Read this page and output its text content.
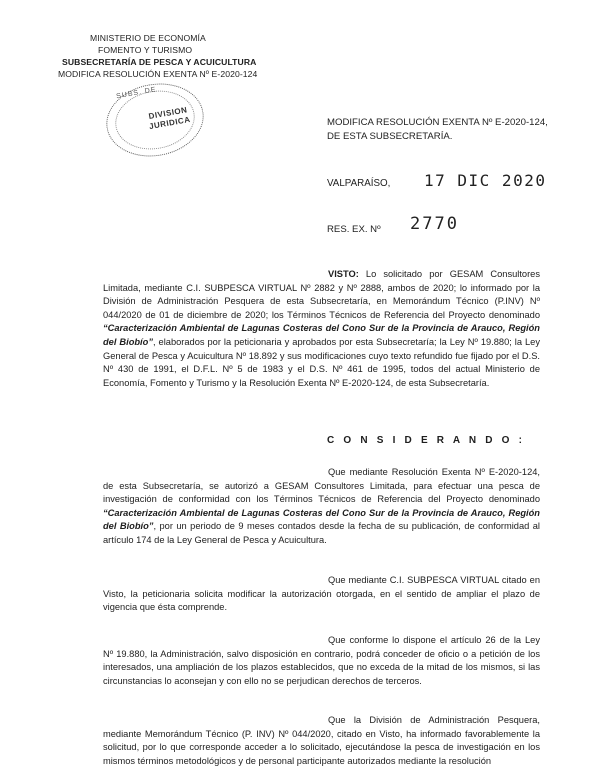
MINISTERIO DE ECONOMÍA
FOMENTO Y TURISMO
SUBSECRETARÍA DE PESCA Y ACUICULTURA
MODIFICA RESOLUCIÓN EXENTA Nº E-2020-124
SUBS. DE
DIVISION JURIDICA	MODIFICA RESOLUCIÓN EXENTA Nº E-2020-124,
DE ESTA SUBSECRETARÍA.
VALPARAÍSO, 17 DIC 2020
RES. EX. Nº 2770
VISTO: Lo solicitado por GESAM Consultores Limitada, mediante C.I. SUBPESCA VIRTUAL Nº 2882 y Nº 2888, ambos de 2020; lo informado por la División de Administración Pesquera de esta Subsecretaría, en Memorándum Técnico (P.INV) Nº 044/2020 de 01 de diciembre de 2020; los Términos Técnicos de Referencia del Proyecto denominado “Caracterización Ambiental de Lagunas Costeras del Cono Sur de la Provincia de Arauco, Región del Biobío”, elaborados por la peticionaria y aprobados por esta Subsecretaría; la Ley Nº 19.880; la Ley General de Pesca y Acuicultura Nº 18.892 y sus modificaciones cuyo texto refundido fue fijado por el D.S. Nº 430 de 1991, el D.F.L. Nº 5 de 1983 y el D.S. Nº 461 de 1995, todos del actual Ministerio de Economía, Fomento y Turismo y la Resolución Exenta Nº E-2020-124, de esta Subsecretaría.
C O N S I D E R A N D O :
Que mediante Resolución Exenta Nº E-2020-124, de esta Subsecretaría, se autorizó a GESAM Consultores Limitada, para efectuar una pesca de investigación de conformidad con los Términos Técnicos de Referencia del Proyecto denominado “Caracterización Ambiental de Lagunas Costeras del Cono Sur de la Provincia de Arauco, Región del Biobío”, por un periodo de 9 meses contados desde la fecha de su publicación, de conformidad al artículo 174 de la Ley General de Pesca y Acuicultura.
Que mediante C.I. SUBPESCA VIRTUAL citado en Visto, la peticionaria solicita modificar la autorización otorgada, en el sentido de ampliar el plazo de vigencia que ésta comprende.
Que conforme lo dispone el artículo 26 de la Ley Nº 19.880, la Administración, salvo disposición en contrario, podrá conceder de oficio o a petición de los interesados, una ampliación de los plazos establecidos, que no exceda de la mitad de los mismos, si las circunstancias lo aconsejan y con ello no se perjudican derechos de terceros.
Que la División de Administración Pesquera, mediante Memorándum Técnico (P. INV) Nº 044/2020, citado en Visto, ha informado favorablemente la solicitud, por lo que corresponde acceder a lo solicitado, ejecutándose la pesca de investigación en los mismos términos metodológicos y de personal participante autorizados mediante la resolución
